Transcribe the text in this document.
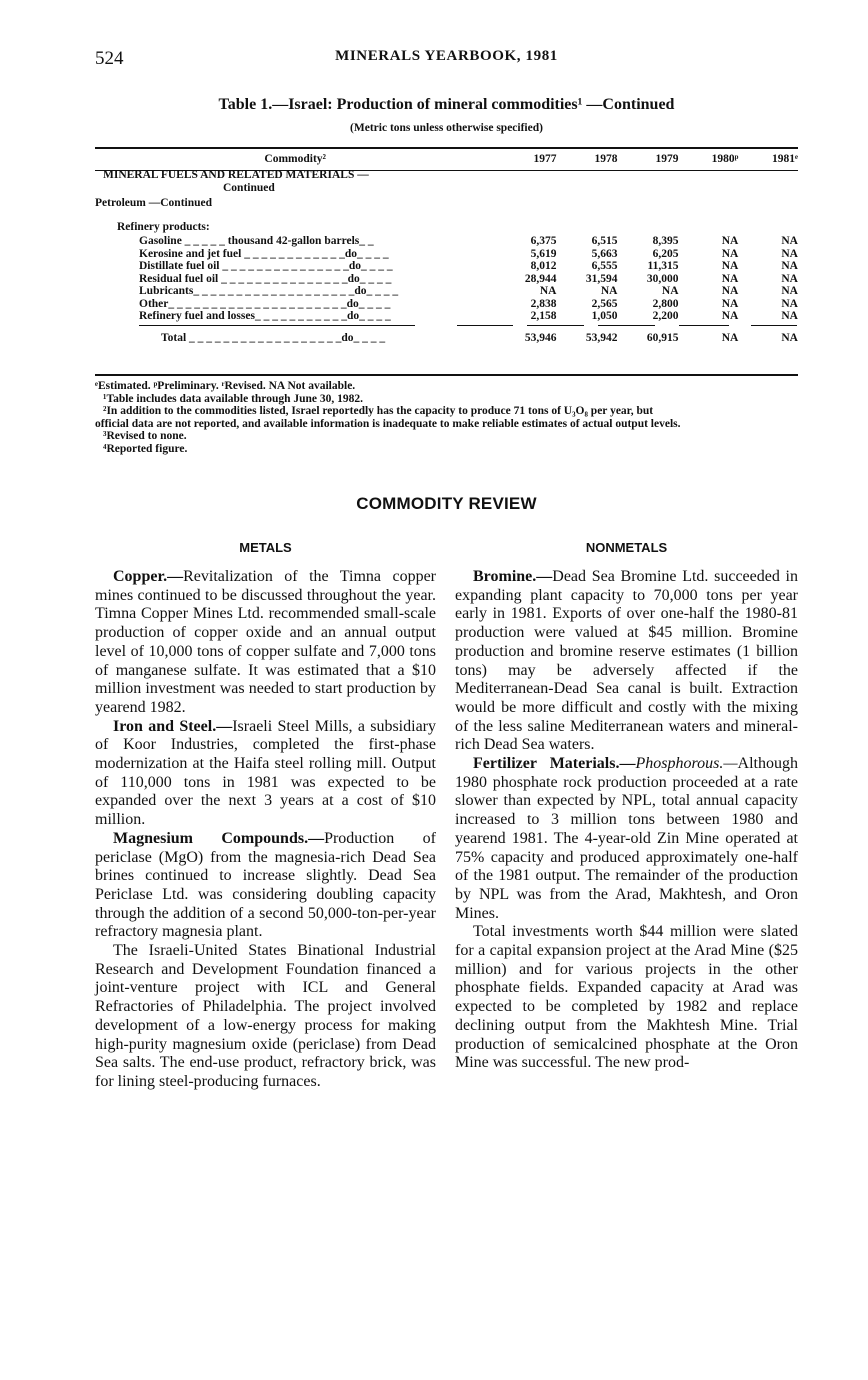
524	MINERALS YEARBOOK, 1981
Table 1.—Israel: Production of mineral commodities¹ —Continued
(Metric tons unless otherwise specified)
Commodity²	1977	1978	1979	1980ᵖ	1981ᵉ
MINERAL FUELS AND RELATED MATERIALS —					
Continued					
Petroleum —Continued					
Refinery products:					
Gasoline _ _ _ _ _ thousand 42-gallon barrels_ _	6,375	6,515	8,395	NA	NA
Kerosine and jet fuel _ _ _ _ _ _ _ _ _ _ _ _do_ _ _ _	5,619	5,663	6,205	NA	NA
Distillate fuel oil _ _ _ _ _ _ _ _ _ _ _ _ _ _ _do_ _ _ _	8,012	6,555	11,315	NA	NA
Residual fuel oil _ _ _ _ _ _ _ _ _ _ _ _ _ _ _do_ _ _ _	28,944	31,594	30,000	NA	NA
Lubricants_ _ _ _ _ _ _ _ _ _ _ _ _ _ _ _ _ _ _do_ _ _ _	NA	NA	NA	NA	NA
Other_ _ _ _ _ _ _ _ _ _ _ _ _ _ _ _ _ _ _ _ _do_ _ _ _	2,838	2,565	2,800	NA	NA
Refinery fuel and losses_ _ _ _ _ _ _ _ _ _ _do_ _ _ _	2,158	1,050	2,200	NA	NA

Total _ _ _ _ _ _ _ _ _ _ _ _ _ _ _ _ _ _do_ _ _ _	53,946	53,942	60,915	NA	NA
ᵉEstimated. ᵖPreliminary. ʳRevised. NA Not available.
¹Table includes data available through June 30, 1982.
²In addition to the commodities listed, Israel reportedly has the capacity to produce 71 tons of U₃O₈ per year, but
official data are not reported, and available information is inadequate to make reliable estimates of actual output levels.
³Revised to none.
⁴Reported figure.
COMMODITY REVIEW
METALS	NONMETALS

Copper.—Revitalization of the Timna copper mines continued to be discussed throughout the year. Timna Copper Mines Ltd. recommended small-scale production of copper oxide and an annual output level of 10,000 tons of copper sulfate and 7,000 tons of manganese sulfate. It was estimated that a $10 million investment was needed to start production by yearend 1982.

Iron and Steel.—Israeli Steel Mills, a subsidiary of Koor Industries, completed the first-phase modernization at the Haifa steel rolling mill. Output of 110,000 tons in 1981 was expected to be expanded over the next 3 years at a cost of $10 million.

Magnesium Compounds.—Production of periclase (MgO) from the magnesia-rich Dead Sea brines continued to increase slightly. Dead Sea Periclase Ltd. was considering doubling capacity through the addition of a second 50,000-ton-per-year refractory magnesia plant.

The Israeli-United States Binational Industrial Research and Development Foundation financed a joint-venture project with ICL and General Refractories of Philadelphia. The project involved development of a low-energy process for making high-purity magnesium oxide (periclase) from Dead Sea salts. The end-use product, refractory brick, was for lining steel-producing furnaces.

Bromine.—Dead Sea Bromine Ltd. succeeded in expanding plant capacity to 70,000 tons per year early in 1981. Exports of over one-half the 1980-81 production were valued at $45 million. Bromine production and bromine reserve estimates (1 billion tons) may be adversely affected if the Mediterranean-Dead Sea canal is built. Extraction would be more difficult and costly with the mixing of the less saline Mediterranean waters and mineral-rich Dead Sea waters.

Fertilizer Materials.—Phosphorous.—Although 1980 phosphate rock production proceeded at a rate slower than expected by NPL, total annual capacity increased to 3 million tons between 1980 and yearend 1981. The 4-year-old Zin Mine operated at 75% capacity and produced approximately one-half of the 1981 output. The remainder of the production by NPL was from the Arad, Makhtesh, and Oron Mines.

Total investments worth $44 million were slated for a capital expansion project at the Arad Mine ($25 million) and for various projects in the other phosphate fields. Expanded capacity at Arad was expected to be completed by 1982 and replace declining output from the Makhtesh Mine. Trial production of semicalcined phosphate at the Oron Mine was successful. The new prod-
